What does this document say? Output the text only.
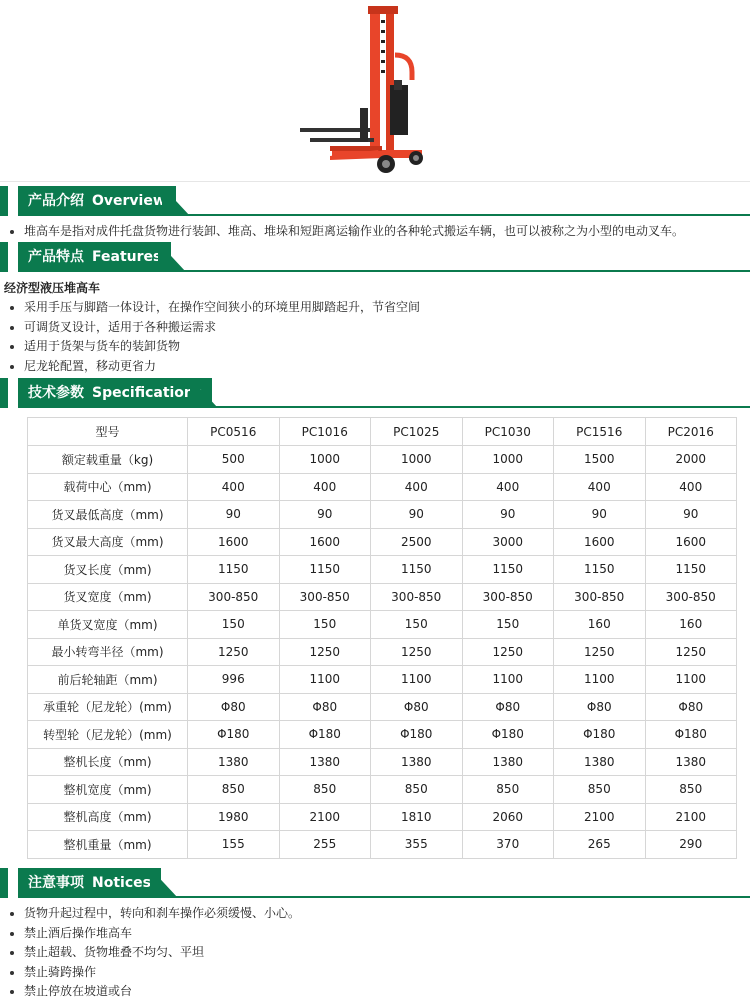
产品介绍 Overview
堆高车是指对成件托盘货物进行装卸、堆高、堆垛和短距离运输作业的各种轮式搬运车辆，也可以被称之为小型的电动叉车。
产品特点 Features
经济型液压堆高车
采用手压与脚踏一体设计，在操作空间狭小的环境里用脚踏起升，节省空间
可调货叉设计，适用于各种搬运需求
适用于货架与货车的装卸货物
尼龙轮配置，移动更省力
技术参数 Specifications
型号	PC0516	PC1016	PC1025	PC1030	PC1516	PC2016
额定载重量（kg)	500	1000	1000	1000	1500	2000
载荷中心（mm)	400	400	400	400	400	400
货叉最低高度（mm)	90	90	90	90	90	90
货叉最大高度（mm)	1600	1600	2500	3000	1600	1600
货叉长度（mm)	1150	1150	1150	1150	1150	1150
货叉宽度（mm)	300-850	300-850	300-850	300-850	300-850	300-850
单货叉宽度（mm)	150	150	150	150	160	160
最小转弯半径（mm)	1250	1250	1250	1250	1250	1250
前后轮轴距（mm)	996	1100	1100	1100	1100	1100
承重轮（尼龙轮）(mm)	Φ80	Φ80	Φ80	Φ80	Φ80	Φ80
转型轮（尼龙轮）(mm)	Φ180	Φ180	Φ180	Φ180	Φ180	Φ180
整机长度（mm)	1380	1380	1380	1380	1380	1380
整机宽度（mm)	850	850	850	850	850	850
整机高度（mm)	1980	2100	1810	2060	2100	2100
整机重量（mm)	155	255	355	370	265	290
注意事项 Notices
货物升起过程中，转向和刹车操作必须缓慢、小心。
禁止酒后操作堆高车
禁止超载、货物堆叠不均匀、平坦
禁止骑跨操作
禁止停放在坡道或台
